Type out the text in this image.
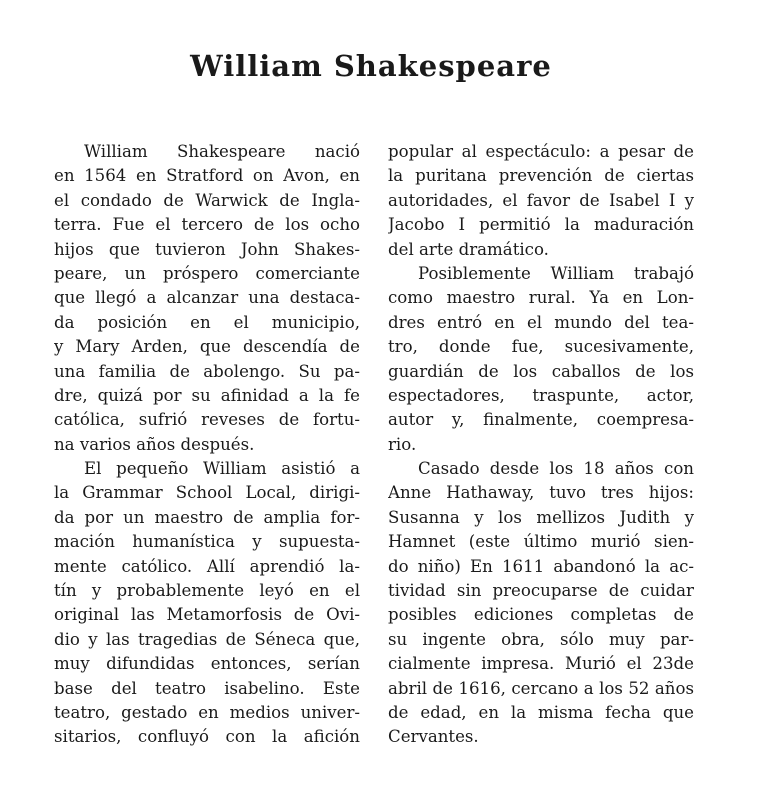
William Shakespeare
William Shakespeare nació
en 1564 en Stratford on Avon, en
el condado de Warwick de Ingla-
terra. Fue el tercero de los ocho
hijos que tuvieron John Shakes-
peare, un próspero comerciante
que llegó a alcanzar una destaca-
da posición en el municipio,
y Mary Arden, que descendía de
una familia de abolengo. Su pa-
dre, quizá por su afinidad a la fe
católica, sufrió reveses de fortu-
na varios años después.
El pequeño William asistió a
la Grammar School Local, dirigi-
da por un maestro de amplia for-
mación humanística y supuesta-
mente católico. Allí aprendió la-
tín y probablemente leyó en el
original las Metamorfosis de Ovi-
dio y las tragedias de Séneca que,
muy difundidas entonces, serían
base del teatro isabelino. Este
teatro, gestado en medios univer-
sitarios, confluyó con la afición
popular al espectáculo: a pesar de
la puritana prevención de ciertas
autoridades, el favor de Isabel I y
Jacobo I permitió la maduración
del arte dramático.
Posiblemente William trabajó
como maestro rural. Ya en Lon-
dres entró en el mundo del tea-
tro, donde fue, sucesivamente,
guardián de los caballos de los
espectadores, traspunte, actor,
autor y, finalmente, coempresa-
rio.
Casado desde los 18 años con
Anne Hathaway, tuvo tres hijos:
Susanna y los mellizos Judith y
Hamnet (este último murió sien-
do niño) En 1611 abandonó la ac-
tividad sin preocuparse de cuidar
posibles ediciones completas de
su ingente obra, sólo muy par-
cialmente impresa. Murió el 23de
abril de 1616, cercano a los 52 años
de edad, en la misma fecha que
Cervantes.
